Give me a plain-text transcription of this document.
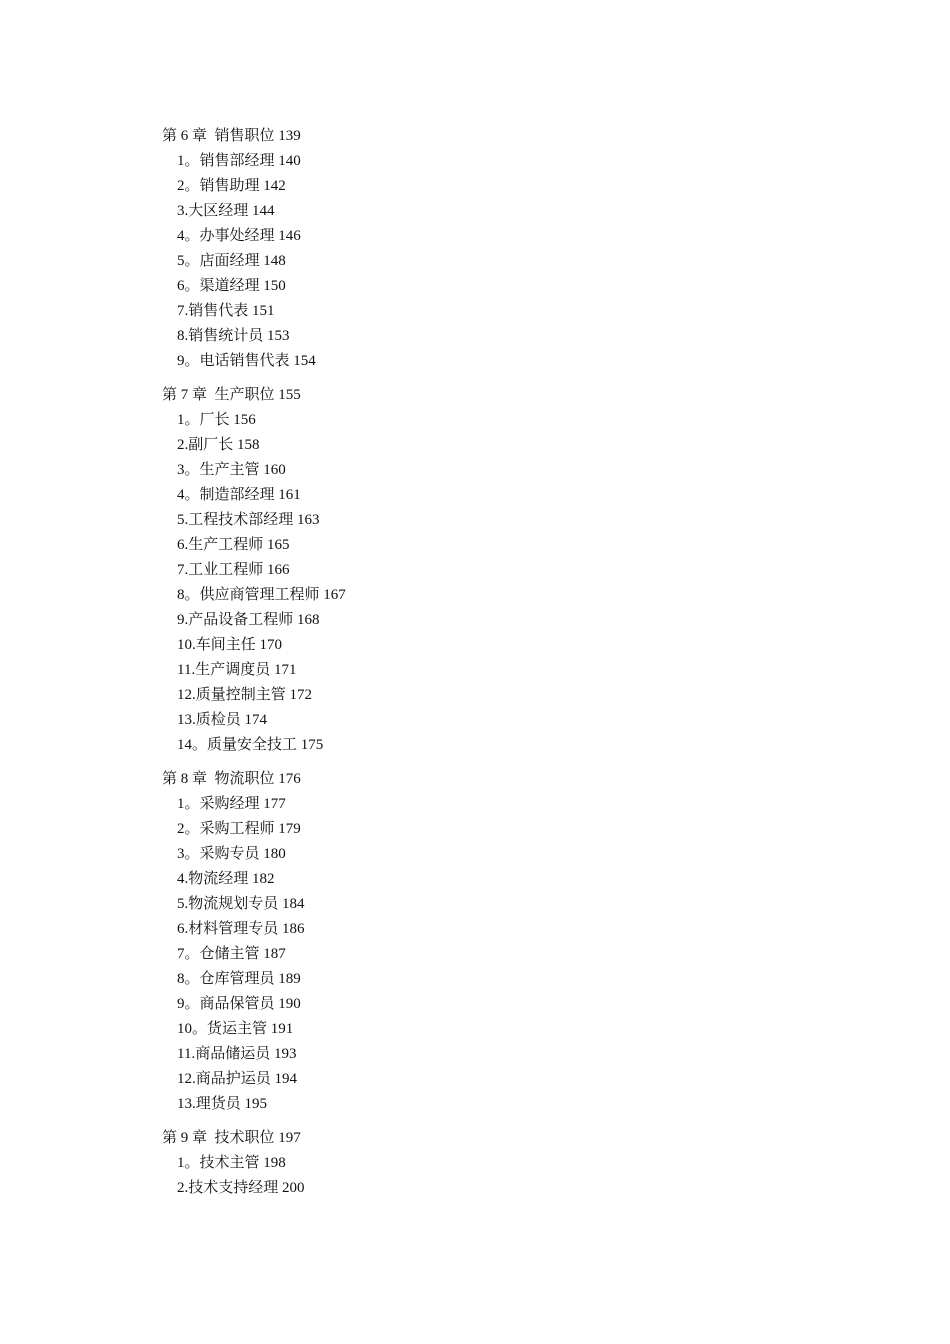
第 6 章  销售职位 139
1。销售部经理 140
2。销售助理 142
3.大区经理 144
4。办事处经理 146
5。店面经理 148
6。渠道经理 150
7.销售代表 151
8.销售统计员 153
9。电话销售代表 154
第 7 章  生产职位 155
1。厂长 156
2.副厂长 158
3。生产主管 160
4。制造部经理 161
5.工程技术部经理 163
6.生产工程师 165
7.工业工程师 166
8。供应商管理工程师 167
9.产品设备工程师 168
10.车间主任 170
11.生产调度员 171
12.质量控制主管 172
13.质检员 174
14。质量安全技工 175
第 8 章  物流职位 176
1。采购经理 177
2。采购工程师 179
3。采购专员 180
4.物流经理 182
5.物流规划专员 184
6.材料管理专员 186
7。仓储主管 187
8。仓库管理员 189
9。商品保管员 190
10。货运主管 191
11.商品储运员 193
12.商品护运员 194
13.理货员 195
第 9 章  技术职位 197
1。技术主管 198
2.技术支持经理 200
